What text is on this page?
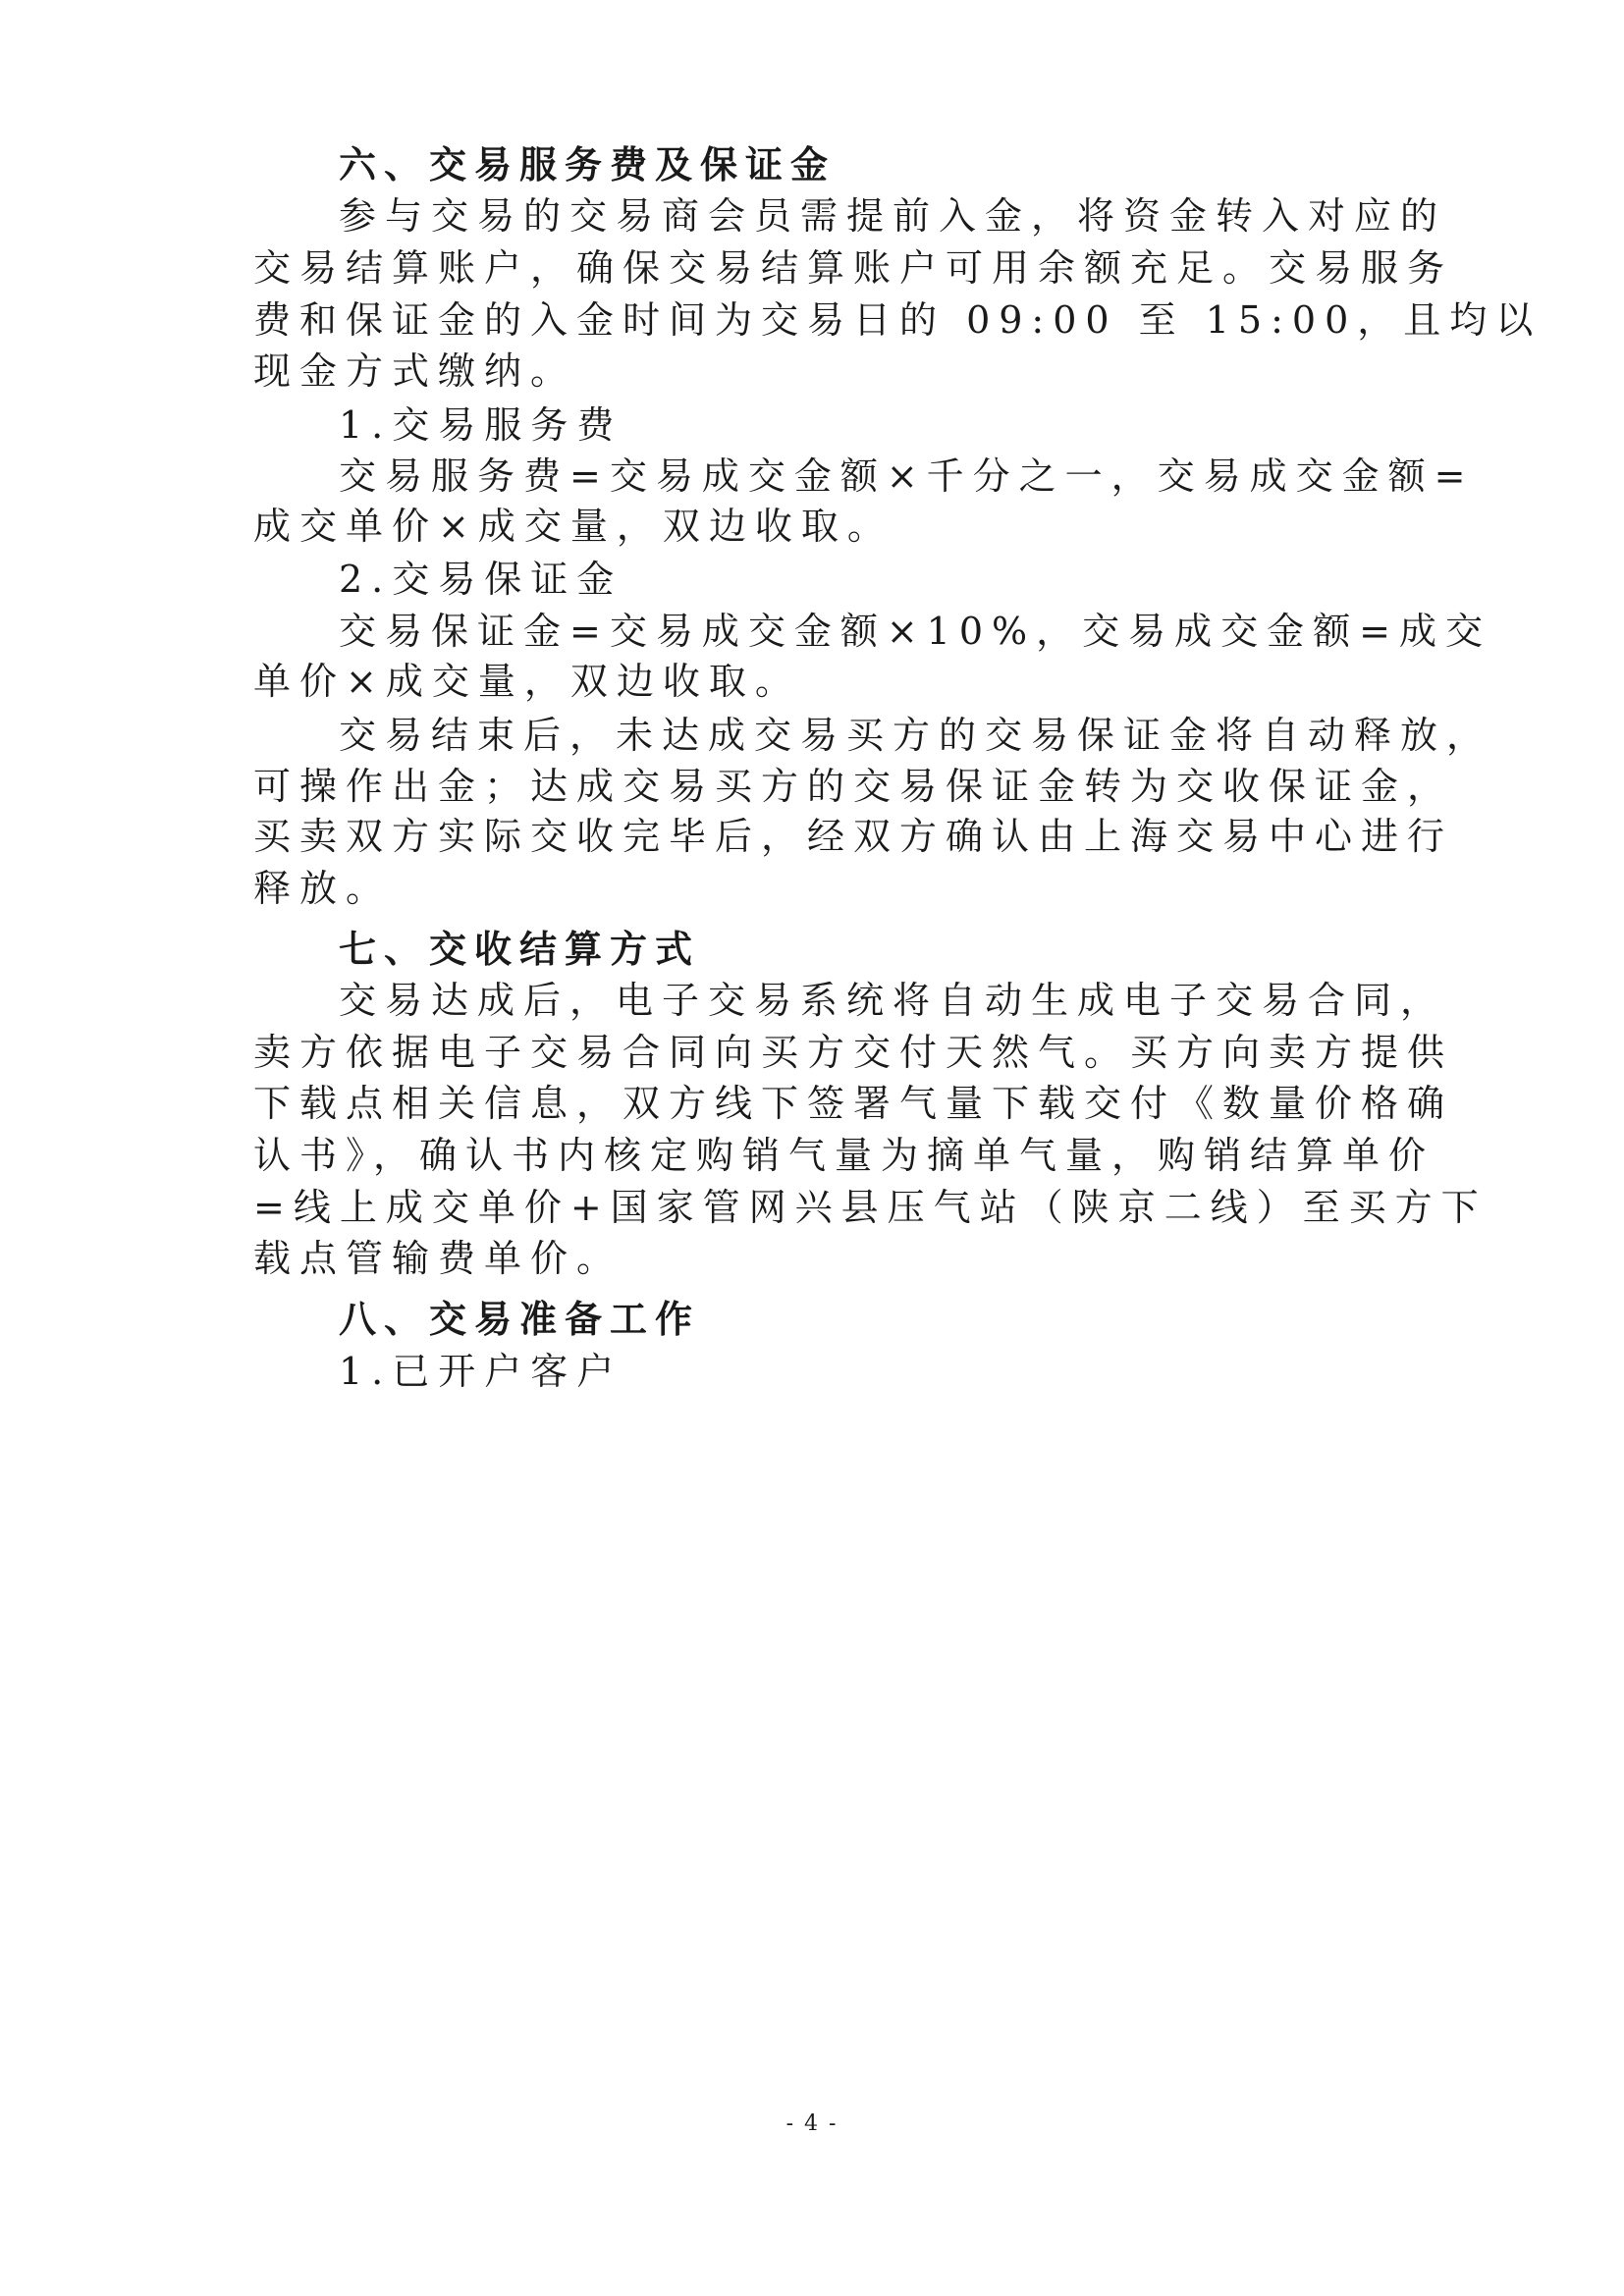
六、交易服务费及保证金
参与交易的交易商会员需提前入金，将资金转入对应的
交易结算账户，确保交易结算账户可用余额充足。交易服务
费和保证金的入金时间为交易日的 09:00 至 15:00，且均以
现金方式缴纳。
1.交易服务费
交易服务费=交易成交金额×千分之一，交易成交金额=
成交单价×成交量，双边收取。
2.交易保证金
交易保证金=交易成交金额×10%，交易成交金额=成交
单价×成交量，双边收取。
交易结束后，未达成交易买方的交易保证金将自动释放，
可操作出金；达成交易买方的交易保证金转为交收保证金，
买卖双方实际交收完毕后，经双方确认由上海交易中心进行
释放。
七、交收结算方式
交易达成后，电子交易系统将自动生成电子交易合同，
卖方依据电子交易合同向买方交付天然气。买方向卖方提供
下载点相关信息，双方线下签署气量下载交付《数量价格确
认书》，确认书内核定购销气量为摘单气量，购销结算单价
=线上成交单价+国家管网兴县压气站（陕京二线）至买方下
载点管输费单价。
八、交易准备工作
1.已开户客户
- 4 -
